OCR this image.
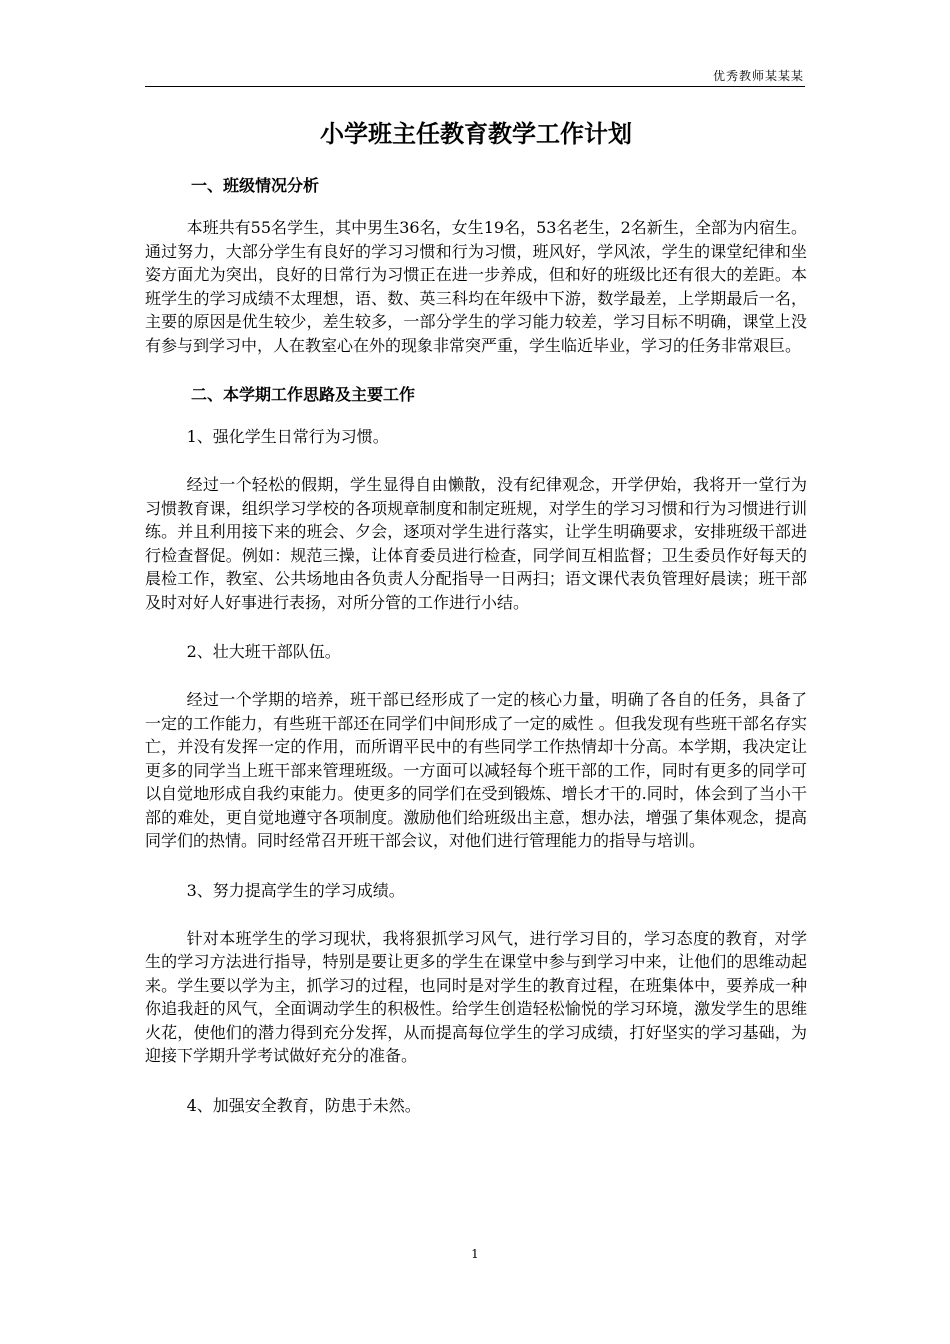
优秀教师某某某
小学班主任教育教学工作计划
一、班级情况分析

本班共有55名学生，其中男生36名，女生19名，53名老生，2名新生，全部为内宿生。通过努力，大部分学生有良好的学习习惯和行为习惯，班风好，学风浓，学生的课堂纪律和坐姿方面尤为突出，良好的日常行为习惯正在进一步养成，但和好的班级比还有很大的差距。本班学生的学习成绩不太理想，语、数、英三科均在年级中下游，数学最差，上学期最后一名，主要的原因是优生较少，差生较多，一部分学生的学习能力较差，学习目标不明确，课堂上没有参与到学习中，人在教室心在外的现象非常突严重，学生临近毕业，学习的任务非常艰巨。

二、本学期工作思路及主要工作
1、强化学生日常行为习惯。

经过一个轻松的假期，学生显得自由懒散，没有纪律观念，开学伊始，我将开一堂行为习惯教育课，组织学习学校的各项规章制度和制定班规，对学生的学习习惯和行为习惯进行训练。并且利用接下来的班会、夕会，逐项对学生进行落实，让学生明确要求，安排班级干部进行检查督促。例如：规范三操，让体育委员进行检查，同学间互相监督；卫生委员作好每天的晨检工作，教室、公共场地由各负责人分配指导一日两扫；语文课代表负管理好晨读；班干部及时对好人好事进行表扬，对所分管的工作进行小结。

2、壮大班干部队伍。

经过一个学期的培养，班干部已经形成了一定的核心力量，明确了各自的任务，具备了一定的工作能力，有些班干部还在同学们中间形成了一定的威性 。但我发现有些班干部名存实亡，并没有发挥一定的作用，而所谓平民中的有些同学工作热情却十分高。本学期，我决定让更多的同学当上班干部来管理班级。一方面可以减轻每个班干部的工作，同时有更多的同学可以自觉地形成自我约束能力。使更多的同学们在受到锻炼、增长才干的.同时，体会到了当小干部的难处，更自觉地遵守各项制度。激励他们给班级出主意，想办法，增强了集体观念，提高同学们的热情。同时经常召开班干部会议，对他们进行管理能力的指导与培训。

3、努力提高学生的学习成绩。

针对本班学生的学习现状，我将狠抓学习风气，进行学习目的，学习态度的教育，对学生的学习方法进行指导，特别是要让更多的学生在课堂中参与到学习中来，让他们的思维动起来。学生要以学为主，抓学习的过程，也同时是对学生的教育过程，在班集体中，要养成一种你追我赶的风气，全面调动学生的积极性。给学生创造轻松愉悦的学习环境，激发学生的思维火花，使他们的潜力得到充分发挥，从而提高每位学生的学习成绩，打好坚实的学习基础，为迎接下学期升学考试做好充分的准备。

4、加强安全教育，防患于未然。
1
